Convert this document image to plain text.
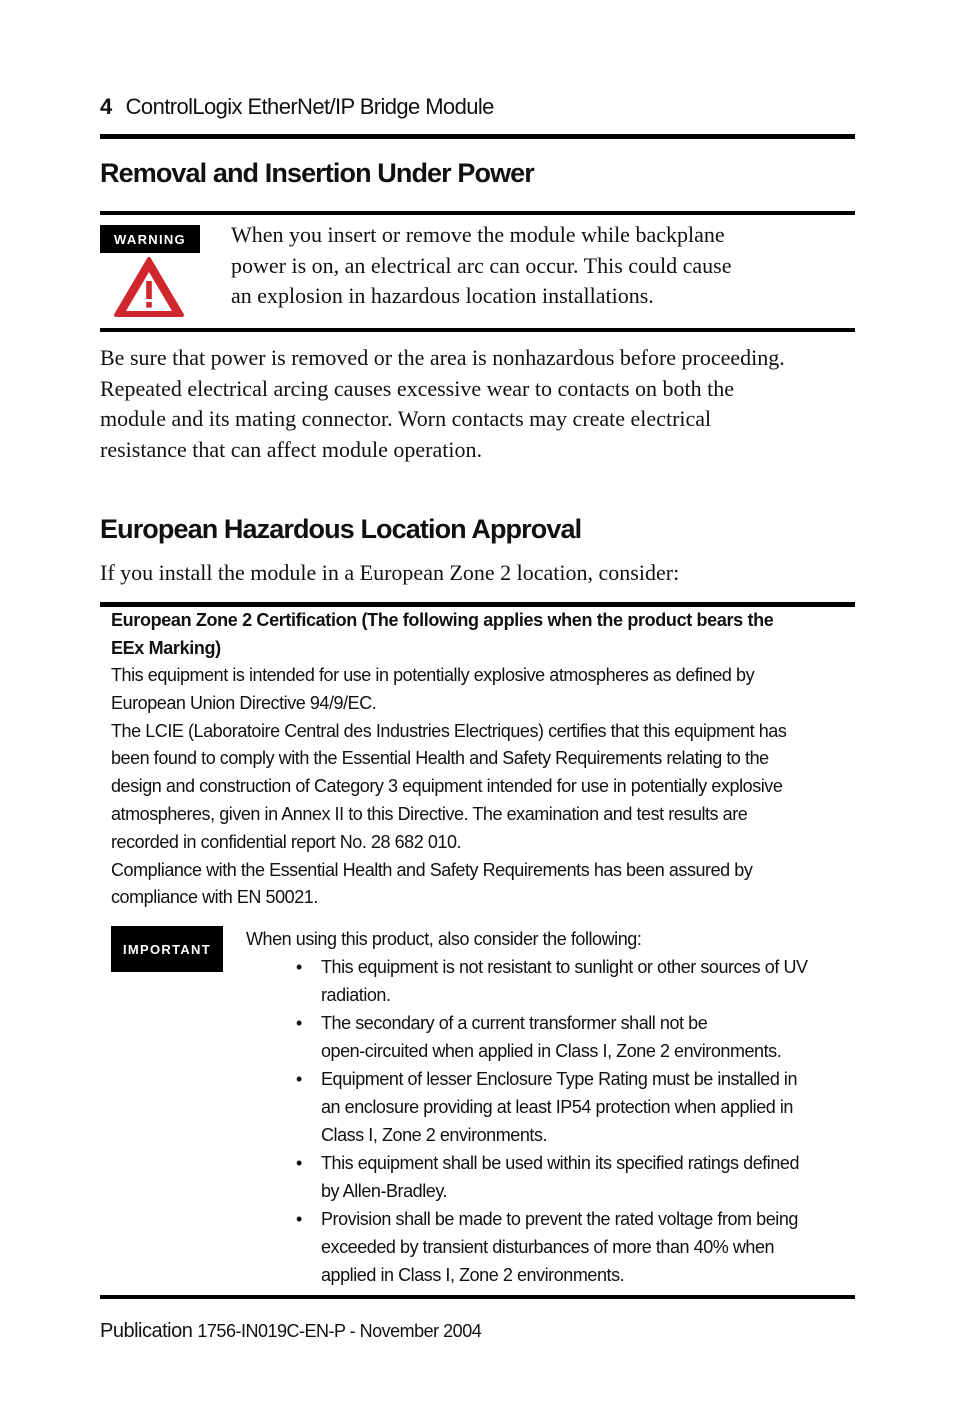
4 ControlLogix EtherNet/IP Bridge Module
Removal and Insertion Under Power
WARNING	When you insert or remove the module while backplane
power is on, an electrical arc can occur. This could cause
an explosion in hazardous location installations.
Be sure that power is removed or the area is nonhazardous before proceeding.
Repeated electrical arcing causes excessive wear to contacts on both the
module and its mating connector. Worn contacts may create electrical
resistance that can affect module operation.
European Hazardous Location Approval
If you install the module in a European Zone 2 location, consider:
European Zone 2 Certification (The following applies when the product bears the
EEx Marking)
This equipment is intended for use in potentially explosive atmospheres as defined by
European Union Directive 94/9/EC.
The LCIE (Laboratoire Central des Industries Electriques) certifies that this equipment has
been found to comply with the Essential Health and Safety Requirements relating to the
design and construction of Category 3 equipment intended for use in potentially explosive
atmospheres, given in Annex II to this Directive. The examination and test results are
recorded in confidential report No. 28 682 010.
Compliance with the Essential Health and Safety Requirements has been assured by
compliance with EN 50021.
IMPORTANT	When using this product, also consider the following:
• This equipment is not resistant to sunlight or other sources of UV
radiation.
• The secondary of a current transformer shall not be
open-circuited when applied in Class I, Zone 2 environments.
• Equipment of lesser Enclosure Type Rating must be installed in
an enclosure providing at least IP54 protection when applied in
Class I, Zone 2 environments.
• This equipment shall be used within its specified ratings defined
by Allen-Bradley.
• Provision shall be made to prevent the rated voltage from being
exceeded by transient disturbances of more than 40% when
applied in Class I, Zone 2 environments.
Publication 1756-IN019C-EN-P - November 2004
